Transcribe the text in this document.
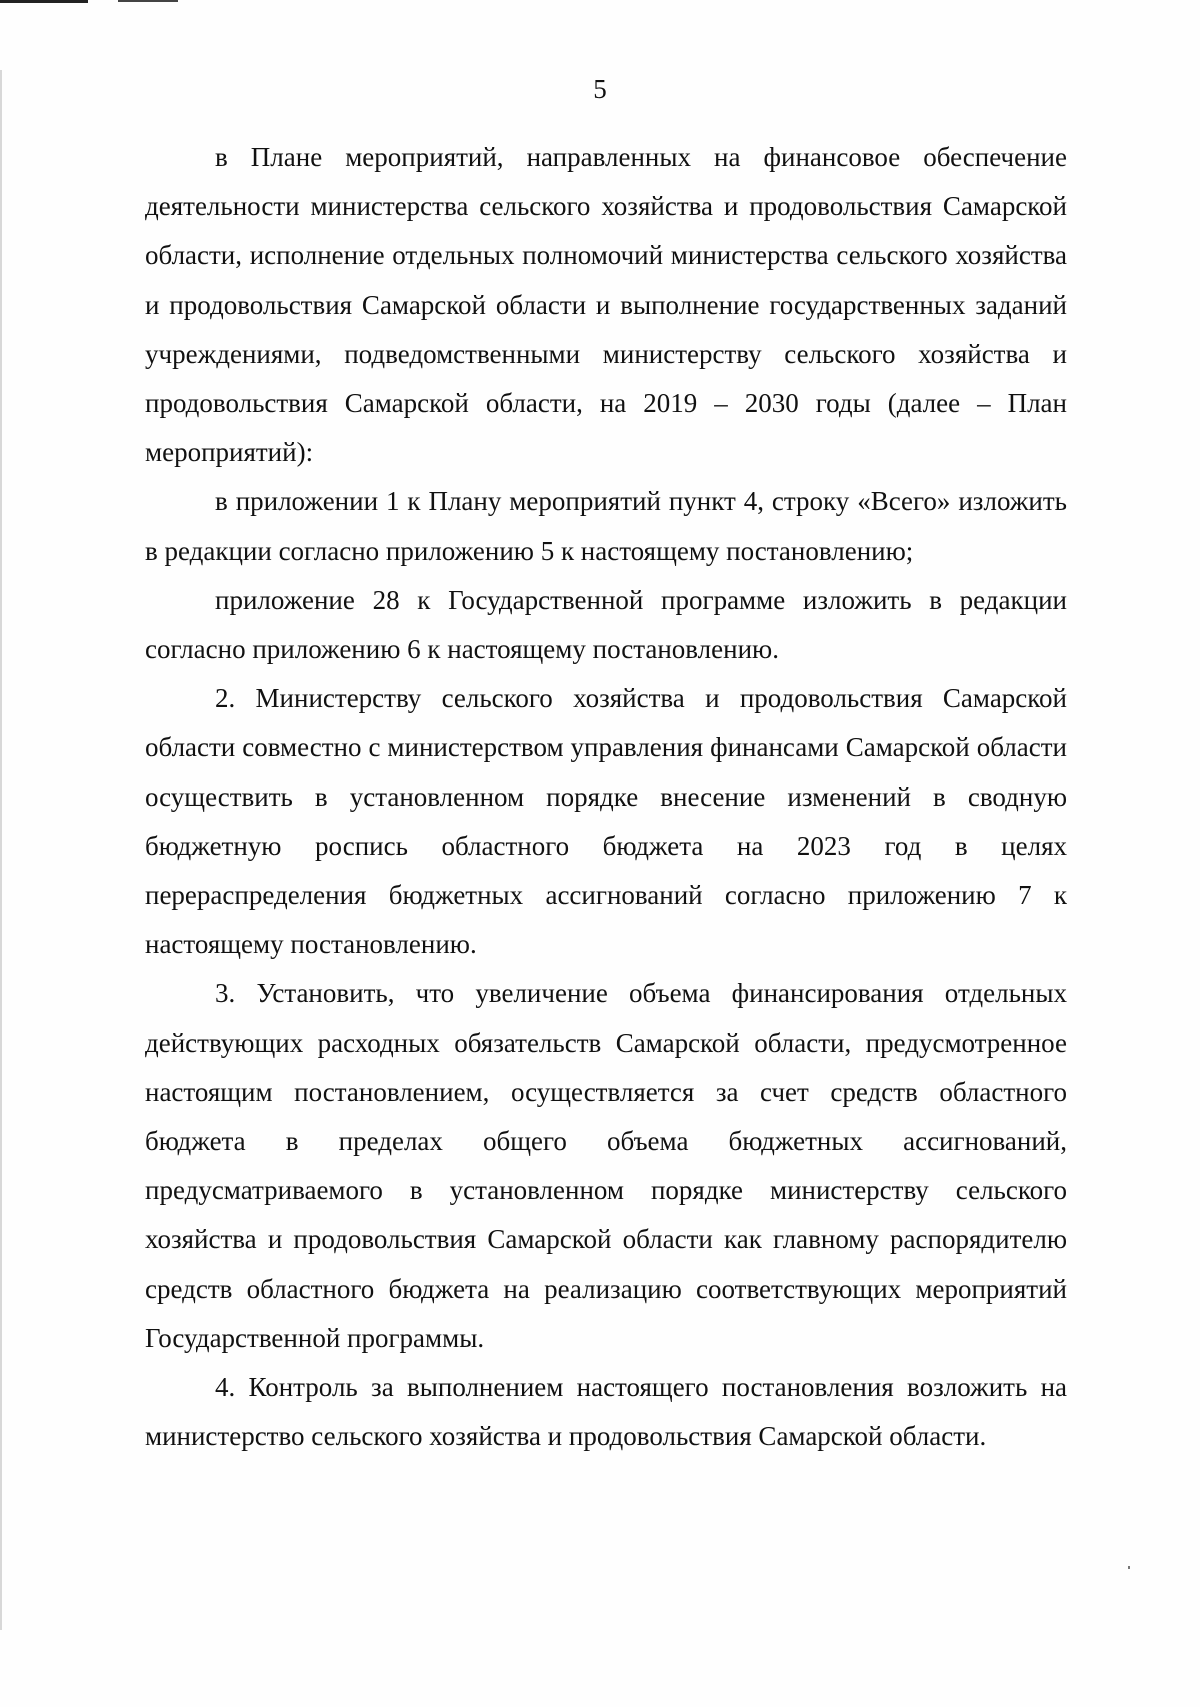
5

в Плане мероприятий, направленных на финансовое обеспечение деятельности министерства сельского хозяйства и продовольствия Самарской области, исполнение отдельных полномочий министерства сельского хозяйства и продовольствия Самарской области и выполнение государственных заданий учреждениями, подведомственными министерству сельского хозяйства и продовольствия Самарской области, на 2019 – 2030 годы (далее – План мероприятий):

в приложении 1 к Плану мероприятий пункт 4, строку «Всего» изложить в редакции согласно приложению 5 к настоящему постановлению;

приложение 28 к Государственной программе изложить в редакции согласно приложению 6 к настоящему постановлению.

2. Министерству сельского хозяйства и продовольствия Самарской области совместно с министерством управления финансами Самарской области осуществить в установленном порядке внесение изменений в сводную бюджетную роспись областного бюджета на 2023 год в целях перераспределения бюджетных ассигнований согласно приложению 7 к настоящему постановлению.

3. Установить, что увеличение объема финансирования отдельных действующих расходных обязательств Самарской области, предусмотренное настоящим постановлением, осуществляется за счет средств областного бюджета в пределах общего объема бюджетных ассигнований, предусматриваемого в установленном порядке министерству сельского хозяйства и продовольствия Самарской области как главному распорядителю средств областного бюджета на реализацию соответствующих мероприятий Государственной программы.

4. Контроль за выполнением настоящего постановления возложить на министерство сельского хозяйства и продовольствия Самарской области.
